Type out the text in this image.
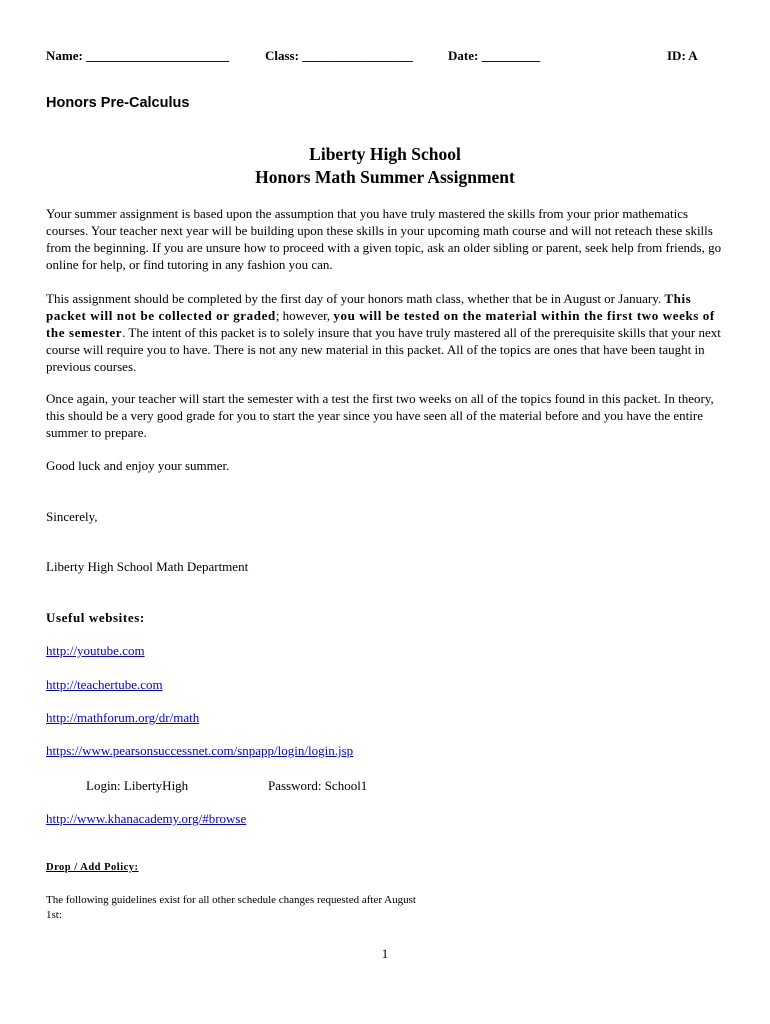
Name: ______________________	Class: _________________	Date: _________	ID: A
Honors Pre-Calculus
Liberty High School
Honors Math Summer Assignment

Your summer assignment is based upon the assumption that you have truly mastered the skills from your prior mathematics courses. Your teacher next year will be building upon these skills in your upcoming math course and will not reteach these skills from the beginning. If you are unsure how to proceed with a given topic, ask an older sibling or parent, seek help from friends, go online for help, or find tutoring in any fashion you can.

This assignment should be completed by the first day of your honors math class, whether that be in August or January. This packet will not be collected or graded; however, you will be tested on the material within the first two weeks of the semester. The intent of this packet is to solely insure that you have truly mastered all of the prerequisite skills that your next course will require you to have. There is not any new material in this packet. All of the topics are ones that have been taught in previous courses.

Once again, your teacher will start the semester with a test the first two weeks on all of the topics found in this packet. In theory, this should be a very good grade for you to start the year since you have seen all of the material before and you have the entire summer to prepare.

Good luck and enjoy your summer.
Sincerely,
Liberty High School Math Department
Useful websites:
http://youtube.com
http://teachertube.com
http://mathforum.org/dr/math
https://www.pearsonsuccessnet.com/snpapp/login/login.jsp
Login: LibertyHigh	Password: School1
http://www.khanacademy.org/#browse
Drop / Add Policy:

The following guidelines exist for all other schedule changes requested after August 1st:

1
